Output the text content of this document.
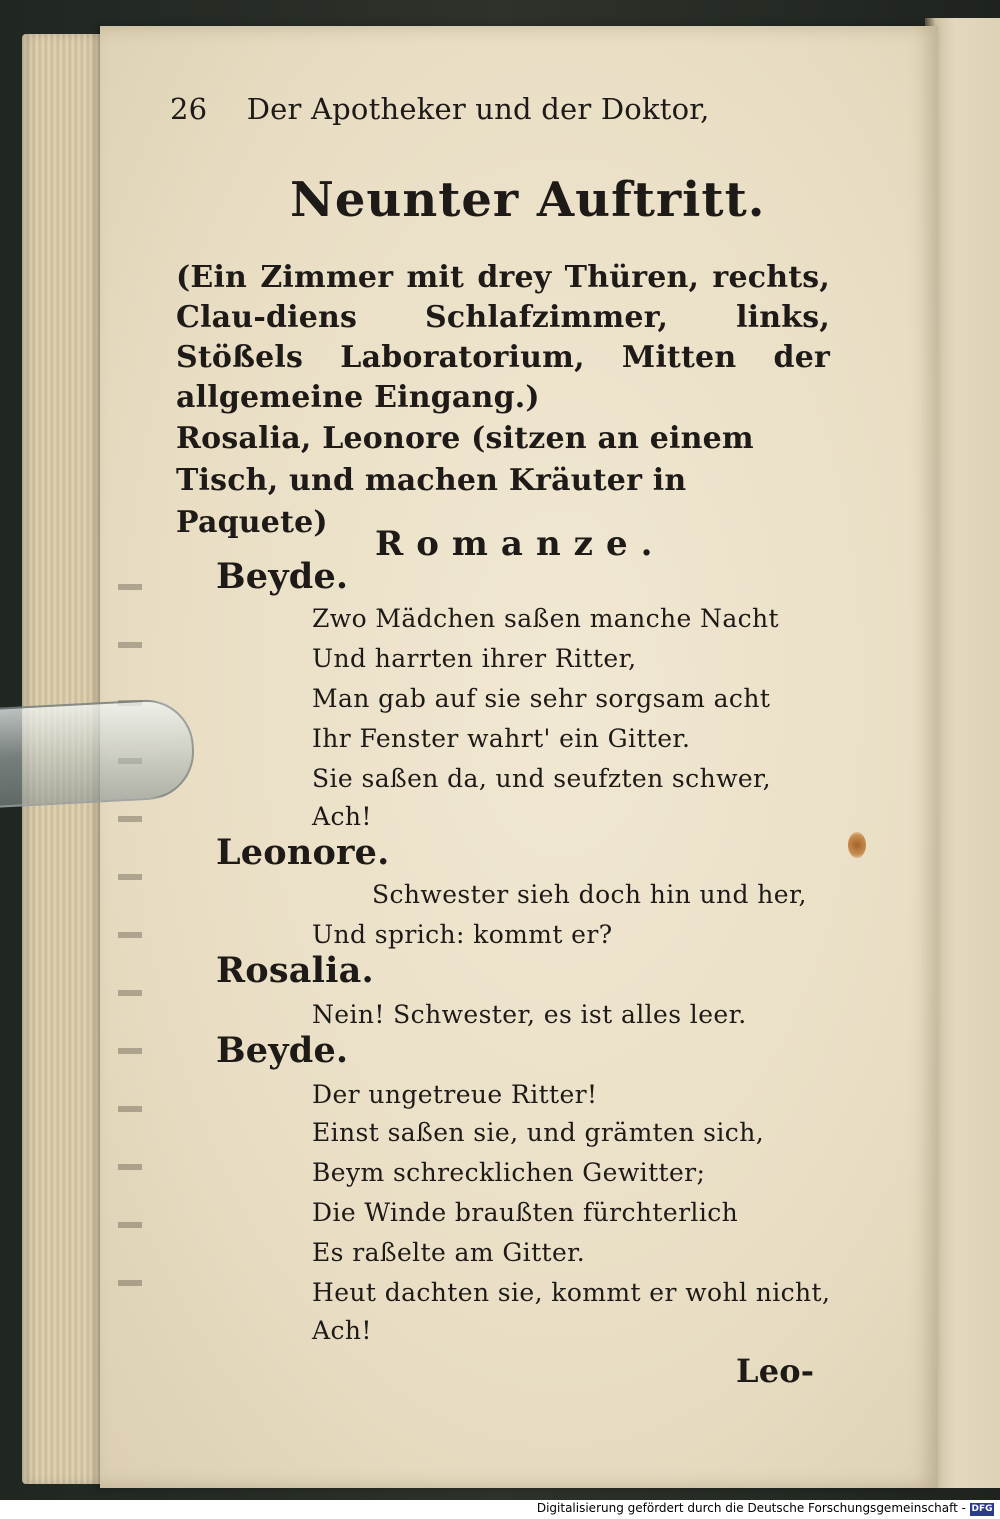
26 Der Apotheker und der Doktor,
Neunter Auftritt.
(Ein Zimmer mit drey Thüren, rechts, Clau-diens Schlafzimmer, links, Stößels Laboratorium, Mitten der allgemeine Eingang.)
Rosalia, Leonore (sitzen an einem Tisch, und machen Kräuter in Paquete)
Romanze.
Beyde.
Zwo Mädchen saßen manche Nacht
Und harrten ihrer Ritter,
Man gab auf sie sehr sorgsam acht
Ihr Fenster wahrt' ein Gitter.
Sie saßen da, und seufzten schwer,
Ach!
Leonore.
Schwester sieh doch hin und her,
Und sprich: kommt er?
Rosalia.
Nein! Schwester, es ist alles leer.
Beyde.
Der ungetreue Ritter!
Einst saßen sie, und grämten sich,
Beym schrecklichen Gewitter;
Die Winde braußten fürchterlich
Es raßelte am Gitter.
Heut dachten sie, kommt er wohl nicht,
Ach!
Leo-
Digitalisierung gefördert durch die Deutsche Forschungsgemeinschaft - DFG
